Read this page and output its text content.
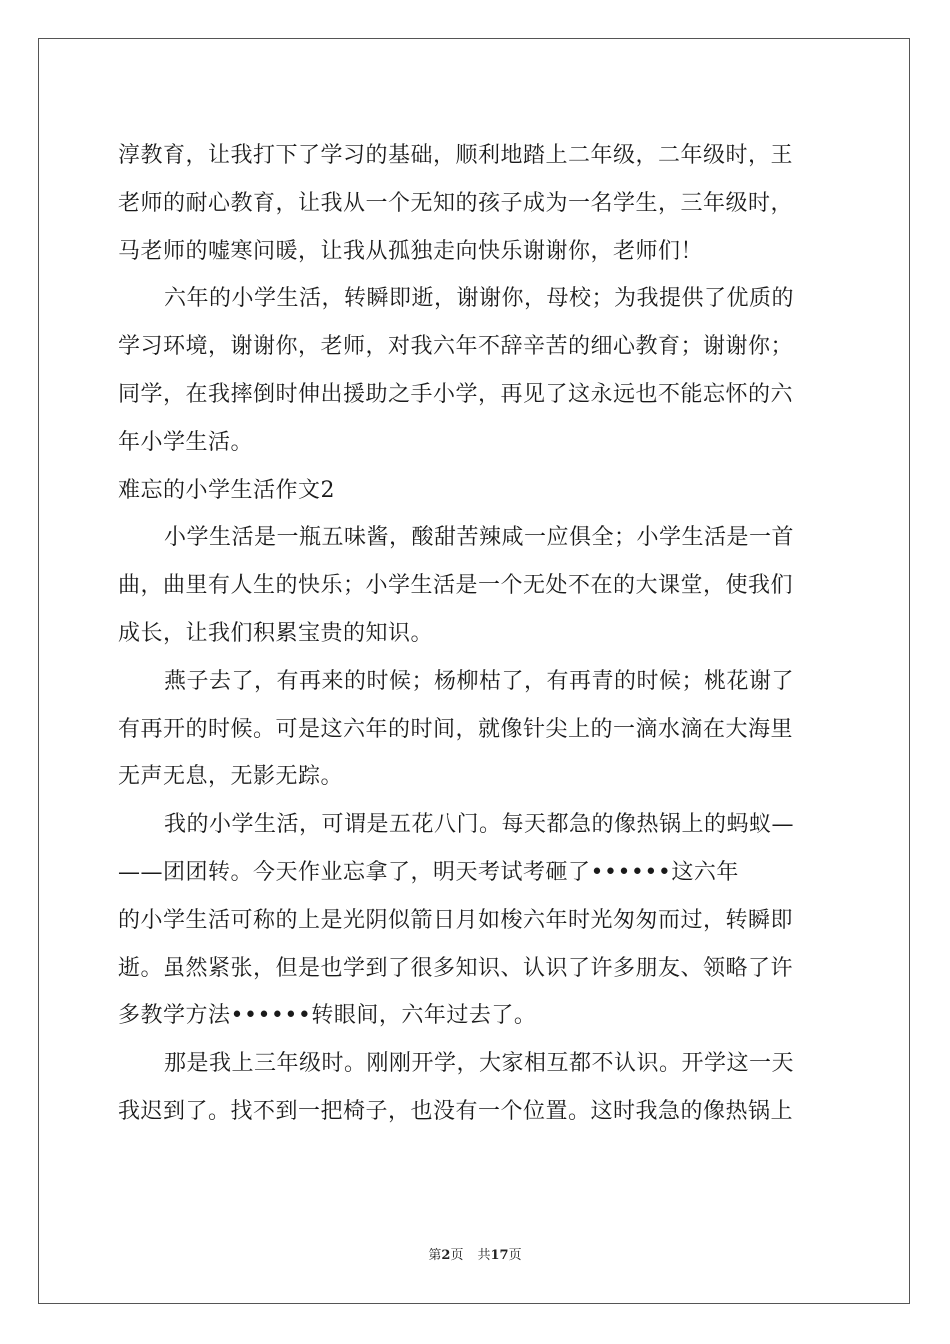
淳教育，让我打下了学习的基础，顺利地踏上二年级，二年级时，王
老师的耐心教育，让我从一个无知的孩子成为一名学生，三年级时，
马老师的嘘寒问暖，让我从孤独走向快乐谢谢你，老师们！
六年的小学生活，转瞬即逝，谢谢你，母校；为我提供了优质的
学习环境，谢谢你，老师，对我六年不辞辛苦的细心教育；谢谢你；
同学，在我摔倒时伸出援助之手小学，再见了这永远也不能忘怀的六
年小学生活。
难忘的小学生活作文2
小学生活是一瓶五味酱，酸甜苦辣咸一应俱全；小学生活是一首
曲，曲里有人生的快乐；小学生活是一个无处不在的大课堂，使我们
成长，让我们积累宝贵的知识。
燕子去了，有再来的时候；杨柳枯了，有再青的时候；桃花谢了
有再开的时候。可是这六年的时间，就像针尖上的一滴水滴在大海里
无声无息，无影无踪。
我的小学生活，可谓是五花八门。每天都急的像热锅上的蚂蚁—
——团团转。今天作业忘拿了，明天考试考砸了••••••这六年
的小学生活可称的上是光阴似箭日月如梭六年时光匆匆而过，转瞬即
逝。虽然紧张，但是也学到了很多知识、认识了许多朋友、领略了许
多教学方法••••••转眼间，六年过去了。
那是我上三年级时。刚刚开学，大家相互都不认识。开学这一天
我迟到了。找不到一把椅子，也没有一个位置。这时我急的像热锅上
第2页 共17页
